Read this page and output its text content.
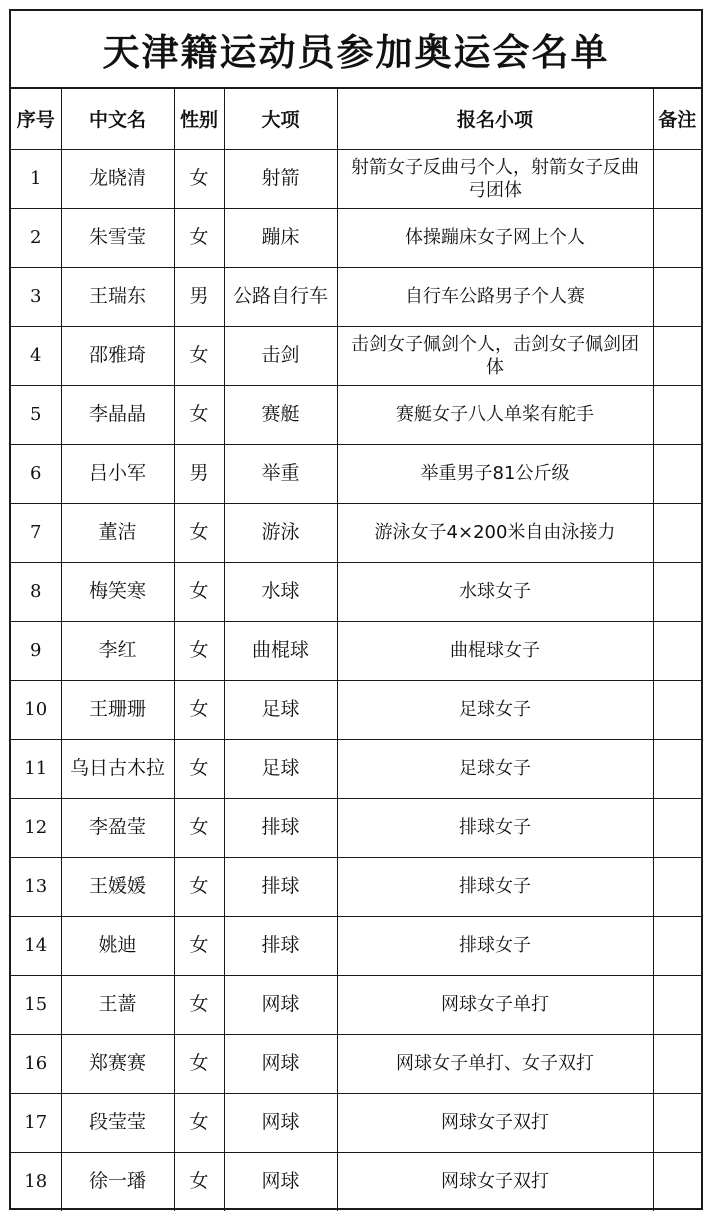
天津籍运动员参加奥运会名单
序号	中文名	性别	大项	报名小项	备注
1	龙晓清	女	射箭	射箭女子反曲弓个人，射箭女子反曲弓团体	
2	朱雪莹	女	蹦床	体操蹦床女子网上个人	
3	王瑞东	男	公路自行车	自行车公路男子个人赛	
4	邵雅琦	女	击剑	击剑女子佩剑个人，击剑女子佩剑团体	
5	李晶晶	女	赛艇	赛艇女子八人单桨有舵手	
6	吕小军	男	举重	举重男子81公斤级	
7	董洁	女	游泳	游泳女子4×200米自由泳接力	
8	梅笑寒	女	水球	水球女子	
9	李红	女	曲棍球	曲棍球女子	
10	王珊珊	女	足球	足球女子	
11	乌日古木拉	女	足球	足球女子	
12	李盈莹	女	排球	排球女子	
13	王媛媛	女	排球	排球女子	
14	姚迪	女	排球	排球女子	
15	王蔷	女	网球	网球女子单打	
16	郑赛赛	女	网球	网球女子单打、女子双打	
17	段莹莹	女	网球	网球女子双打	
18	徐一璠	女	网球	网球女子双打	
